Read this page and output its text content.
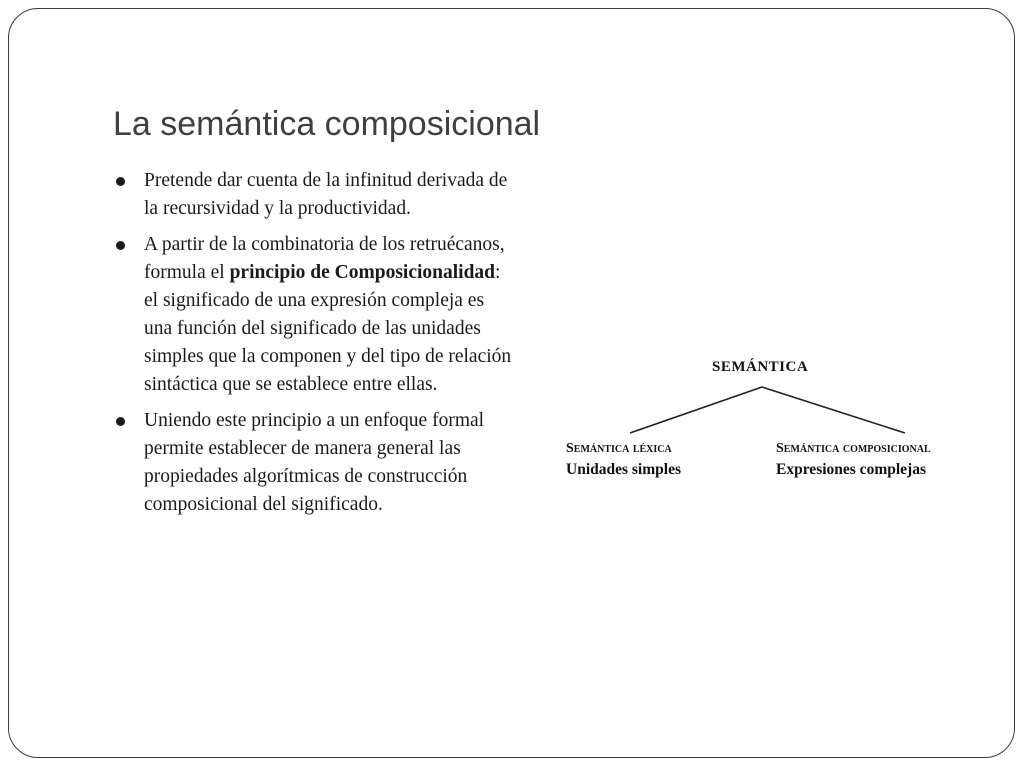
La semántica composicional
Pretende dar cuenta de la infinitud derivada de la recursividad y la productividad.
A partir de la combinatoria de los retruécanos, formula el principio de Composicionalidad: el significado de una expresión compleja es una función del significado de las unidades simples que la componen y del tipo de relación sintáctica que se establece entre ellas.
Uniendo este principio a un enfoque formal permite establecer de manera general las propiedades algorítmicas de construcción composicional del significado.
SEMÁNTICA
Semántica léxica
Unidades simples
Semántica composicional
Expresiones complejas
